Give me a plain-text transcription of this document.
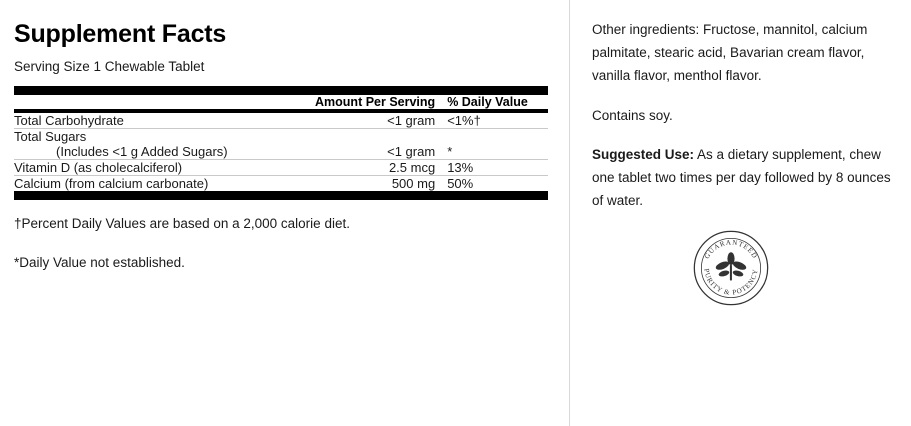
Supplement Facts
Serving Size 1 Chewable Tablet
	Amount Per Serving	% Daily Value

Total Carbohydrate	<1 gram	<1%†

Total Sugars
(Includes <1 g Added Sugars)	<1 gram	*

Vitamin D (as cholecalciferol)	2.5 mcg	13%

Calcium (from calcium carbonate)	500 mg	50%
†Percent Daily Values are based on a 2,000 calorie diet.
*Daily Value not established.

Other ingredients: Fructose, mannitol, calcium palmitate, stearic acid, Bavarian cream flavor, vanilla flavor, menthol flavor.

Contains soy.

Suggested Use: As a dietary supplement, chew one tablet two times per day followed by 8 ounces of water.

GUARANTEED
PURITY & POTENCY
